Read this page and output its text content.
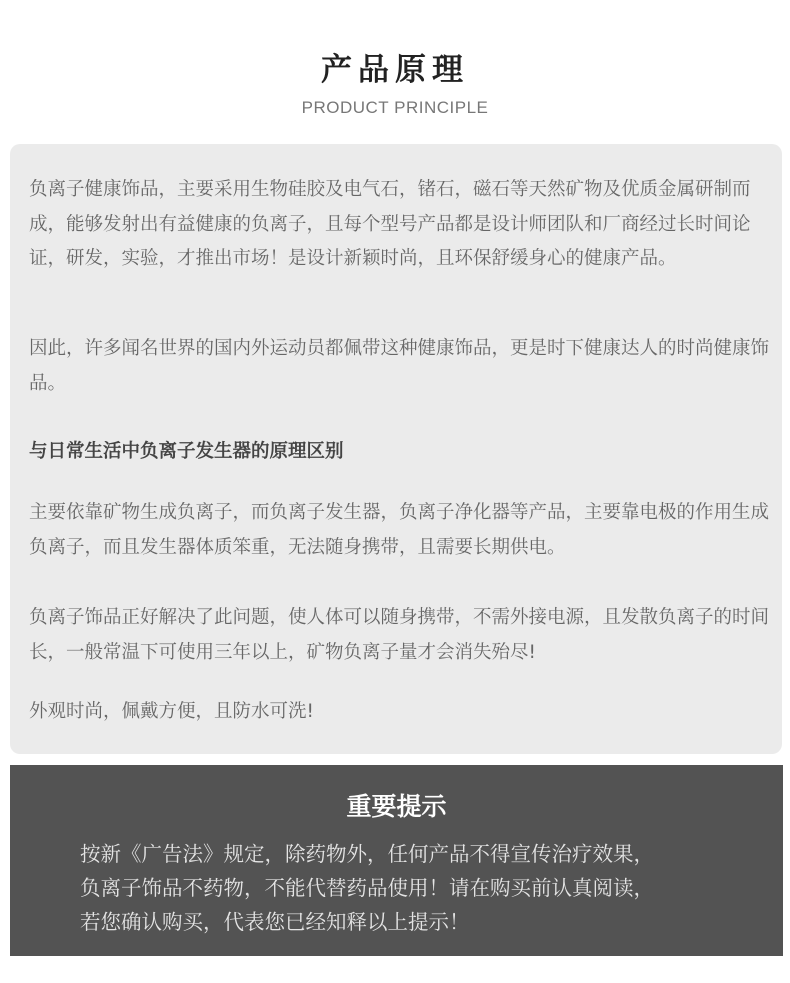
产品原理
PRODUCT PRINCIPLE

负离子健康饰品，主要采用生物硅胶及电气石，锗石，磁石等天然矿物及优质金属研制而成，能够发射出有益健康的负离子，且每个型号产品都是设计师团队和厂商经过长时间论证，研发，实验，才推出市场！是设计新颖时尚，且环保舒缓身心的健康产品。

因此，许多闻名世界的国内外运动员都佩带这种健康饰品，更是时下健康达人的时尚健康饰品。

与日常生活中负离子发生器的原理区别

主要依靠矿物生成负离子，而负离子发生器，负离子净化器等产品，主要靠电极的作用生成负离子，而且发生器体质笨重，无法随身携带，且需要长期供电。

负离子饰品正好解决了此问题，使人体可以随身携带，不需外接电源，且发散负离子的时间长，一般常温下可使用三年以上，矿物负离子量才会消失殆尽!

外观时尚，佩戴方便，且防水可洗!

重要提示

按新《广告法》规定，除药物外，任何产品不得宣传治疗效果，
负离子饰品不药物，不能代替药品使用！请在购买前认真阅读，
若您确认购买，代表您已经知释以上提示！
